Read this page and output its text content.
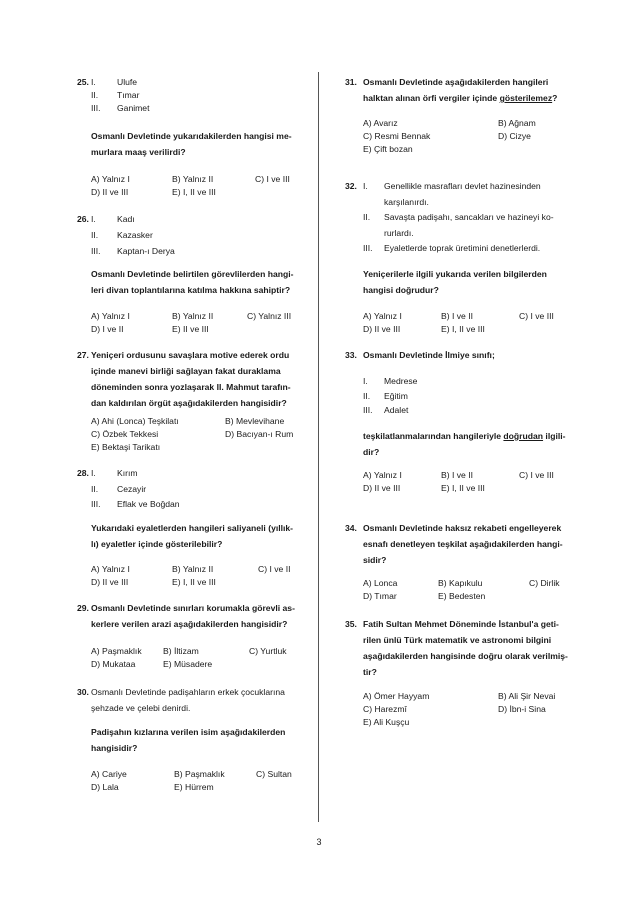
25. I. Ulufe
II. Tımar
III. Ganimet
Osmanlı Devletinde yukarıdakilerden hangisi me-
murlara maaş verilirdi?
A) Yalnız I	B) Yalnız II	C) I ve III
D) II ve III	E) I, II ve III
26. I. Kadı
II. Kazasker
III. Kaptan-ı Derya
Osmanlı Devletinde belirtilen görevlilerden hangi-
leri divan toplantılarına katılma hakkına sahiptir?
A) Yalnız I	B) Yalnız II	C) Yalnız III
D) I ve II	E) II ve III
27. Yeniçeri ordusunu savaşlara motive ederek ordu
içinde manevi birliği sağlayan fakat duraklama
döneminden sonra yozlaşarak II. Mahmut tarafın-
dan kaldırılan örgüt aşağıdakilerden hangisidir?
A) Ahi (Lonca) Teşkilatı	B) Mevlevihane
C) Özbek Tekkesi	D) Bacıyan-ı Rum
E) Bektaşi Tarikatı
28. I. Kırım
II. Cezayir
III. Eflak ve Boğdan
Yukarıdaki eyaletlerden hangileri saliyaneli (yıllık-
lı) eyaletler içinde gösterilebilir?
A) Yalnız I	B) Yalnız II	C) I ve II
D) II ve III	E) I, II ve III
29. Osmanlı Devletinde sınırları korumakla görevli as-
kerlere verilen arazi aşağıdakilerden hangisidir?
A) Paşmaklık B) İltizam	C) Yurtluk
D) Mukataa	E) Müsadere
30. Osmanlı Devletinde padişahların erkek çocuklarına
şehzade ve çelebi denirdi.
Padişahın kızlarına verilen isim aşağıdakilerden
hangisidir?
A) Cariye	B) Paşmaklık	C) Sultan
D) Lala	E) Hürrem
31. Osmanlı Devletinde aşağıdakilerden hangileri
halktan alınan örfi vergiler içinde gösterilemez?
A) Avarız	B) Ağnam
C) Resmi Bennak	D) Cizye
E) Çift bozan
32. I. Genellikle masrafları devlet hazinesinden
karşılanırdı.
II. Savaşta padişahı, sancakları ve hazineyi ko-
rurlardı.
III. Eyaletlerde toprak üretimini denetlerlerdi.
Yeniçerilerle ilgili yukarıda verilen bilgilerden
hangisi doğrudur?
A) Yalnız I	B) I ve II	C) I ve III
D) II ve III	E) I, II ve III
33. Osmanlı Devletinde İlmiye sınıfı;
I. Medrese
II. Eğitim
III. Adalet
teşkilatlanmalarından hangileriyle doğrudan ilgili-
dir?
A) Yalnız I	B) I ve II	C) I ve III
D) II ve III	E) I, II ve III
34. Osmanlı Devletinde haksız rekabeti engelleyerek
esnafı denetleyen teşkilat aşağıdakilerden hangi-
sidir?
A) Lonca	B) Kapıkulu	C) Dirlik
D) Tımar	E) Bedesten
35. Fatih Sultan Mehmet Döneminde İstanbul'a geti-
rilen ünlü Türk matematik ve astronomi bilgini
aşağıdakilerden hangisinde doğru olarak verilmiş-
tir?
A) Ömer Hayyam	B) Ali Şir Nevai
C) Harezmî	D) İbn-i Sina
E) Ali Kuşçu
3
